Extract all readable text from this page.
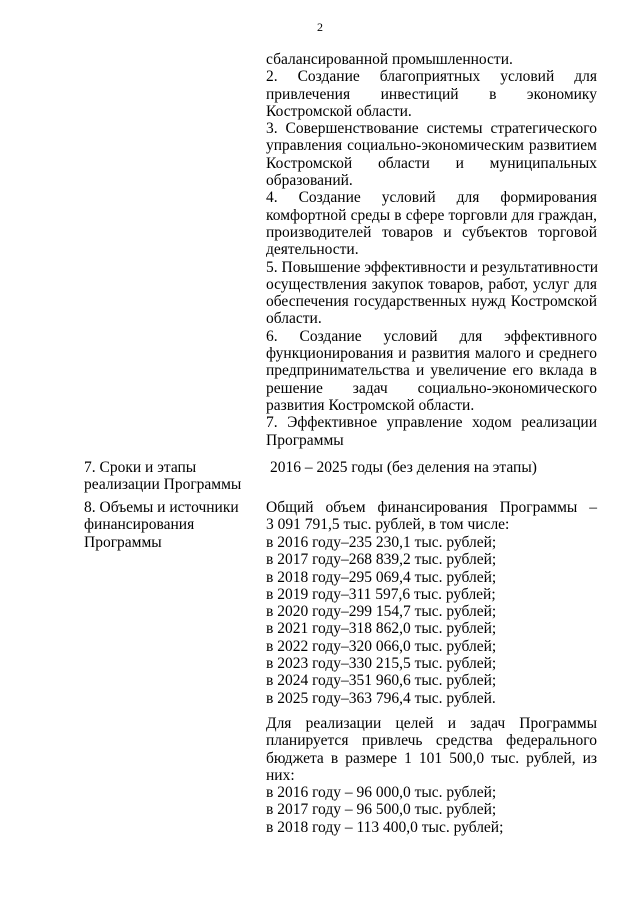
2
сбалансированной промышленности.
2. Создание благоприятных условий для
привлечения инвестиций в экономику
Костромской области.
3. Совершенствование системы стратегического
управления социально-экономическим развитием
Костромской области и муниципальных
образований.
4. Создание условий для формирования
комфортной среды в сфере торговли для граждан,
производителей товаров и субъектов торговой
деятельности.
5. Повышение эффективности и результативности
осуществления закупок товаров, работ, услуг для
обеспечения государственных нужд Костромской
области.
6. Создание условий для эффективного
функционирования и развития малого и среднего
предпринимательства и увеличение его вклада в
решение задач социально-экономического
развития Костромской области.
7. Эффективное управление ходом реализации
Программы
7. Сроки и этапы
реализации Программы
2016 – 2025 годы (без деления на этапы)
8. Объемы и источники
финансирования
Программы
Общий объем финансирования Программы –
3 091 791,5 тыс. рублей, в том числе:
в 2016 году–235 230,1 тыс. рублей;
в 2017 году–268 839,2 тыс. рублей;
в 2018 году–295 069,4 тыс. рублей;
в 2019 году–311 597,6 тыс. рублей;
в 2020 году–299 154,7 тыс. рублей;
в 2021 году–318 862,0 тыс. рублей;
в 2022 году–320 066,0 тыс. рублей;
в 2023 году–330 215,5 тыс. рублей;
в 2024 году–351 960,6 тыс. рублей;
в 2025 году–363 796,4 тыс. рублей.
Для реализации целей и задач Программы
планируется привлечь средства федерального
бюджета в размере 1 101 500,0 тыс. рублей, из
них:
в 2016 году – 96 000,0 тыс. рублей;
в 2017 году – 96 500,0 тыс. рублей;
в 2018 году – 113 400,0 тыс. рублей;
